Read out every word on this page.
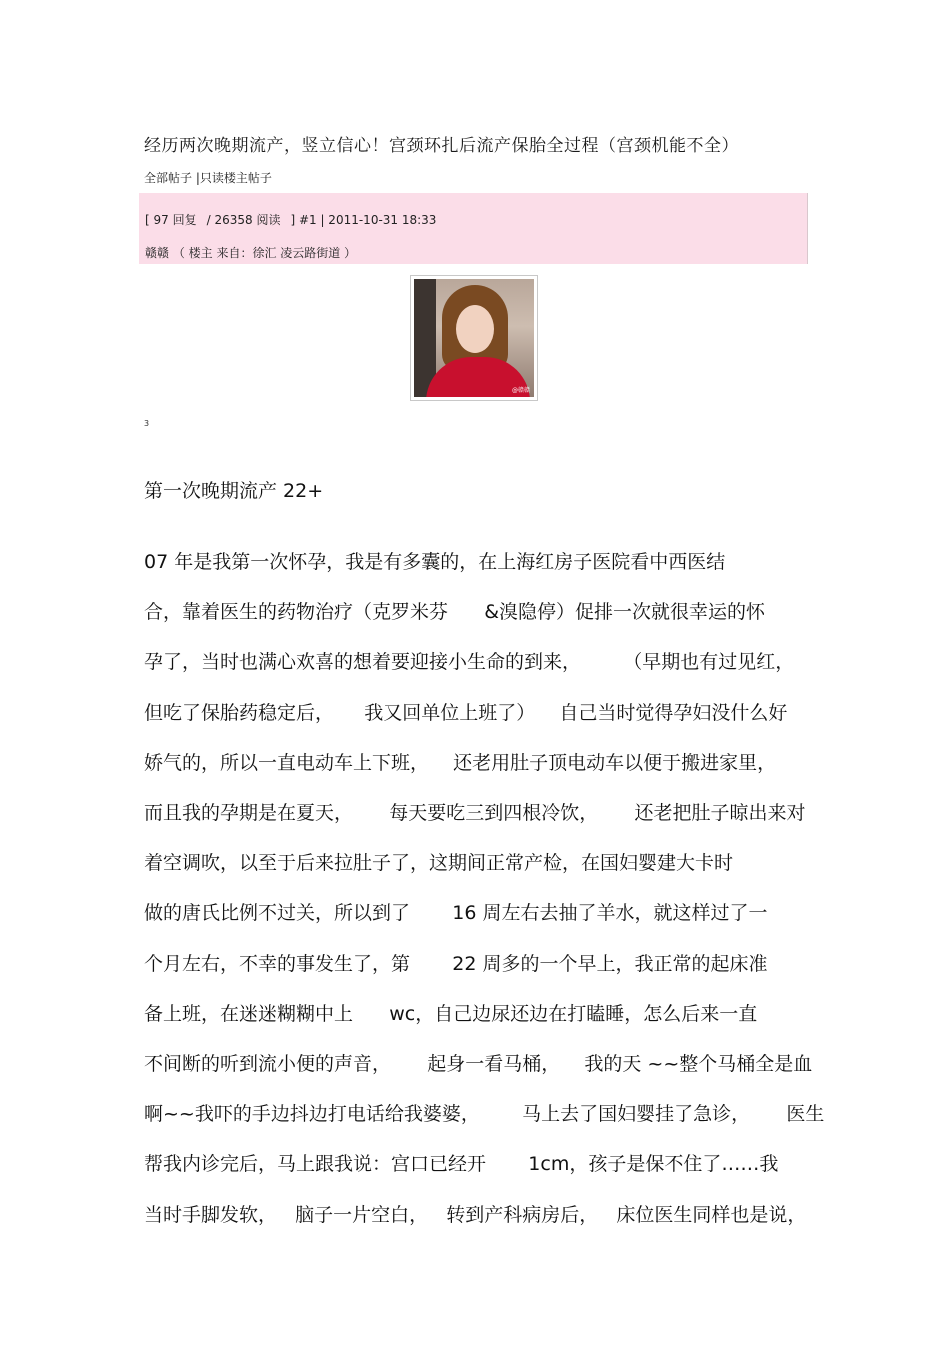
经历两次晚期流产，竖立信心！宫颈环扎后流产保胎全过程（宫颈机能不全）
全部帖子 |只读楼主帖子
[ 97 回复 / 26358 阅读 ] #1 | 2011-10-31 18:33
赣赣 （ 楼主 来自：徐汇 凌云路街道 ）
@赣赣
3
第一次晚期流产 22+
07 年是我第一次怀孕，我是有多囊的，在上海红房子医院看中西医结
合，靠着医生的药物治疗（克罗米芬      &溴隐停）促排一次就很幸运的怀
孕了，当时也满心欢喜的想着要迎接小生命的到来，       （早期也有过见红，
但吃了保胎药稳定后，     我又回单位上班了）    自己当时觉得孕妇没什么好
娇气的，所以一直电动车上下班，    还老用肚子顶电动车以便于搬进家里，
而且我的孕期是在夏天，      每天要吃三到四根冷饮，      还老把肚子晾出来对
着空调吹，以至于后来拉肚子了，这期间正常产检，在国妇婴建大卡时
做的唐氏比例不过关，所以到了       16 周左右去抽了羊水，就这样过了一
个月左右，不幸的事发生了，第       22 周多的一个早上，我正常的起床准
备上班，在迷迷糊糊中上      wc，自己边尿还边在打瞌睡，怎么后来一直
不间断的听到流小便的声音，      起身一看马桶，    我的天 ~~整个马桶全是血
啊~~我吓的手边抖边打电话给我婆婆，       马上去了国妇婴挂了急诊，      医生
帮我内诊完后，马上跟我说：宫口已经开       1cm，孩子是保不住了……我
当时手脚发软，   脑子一片空白，   转到产科病房后，   床位医生同样也是说，
